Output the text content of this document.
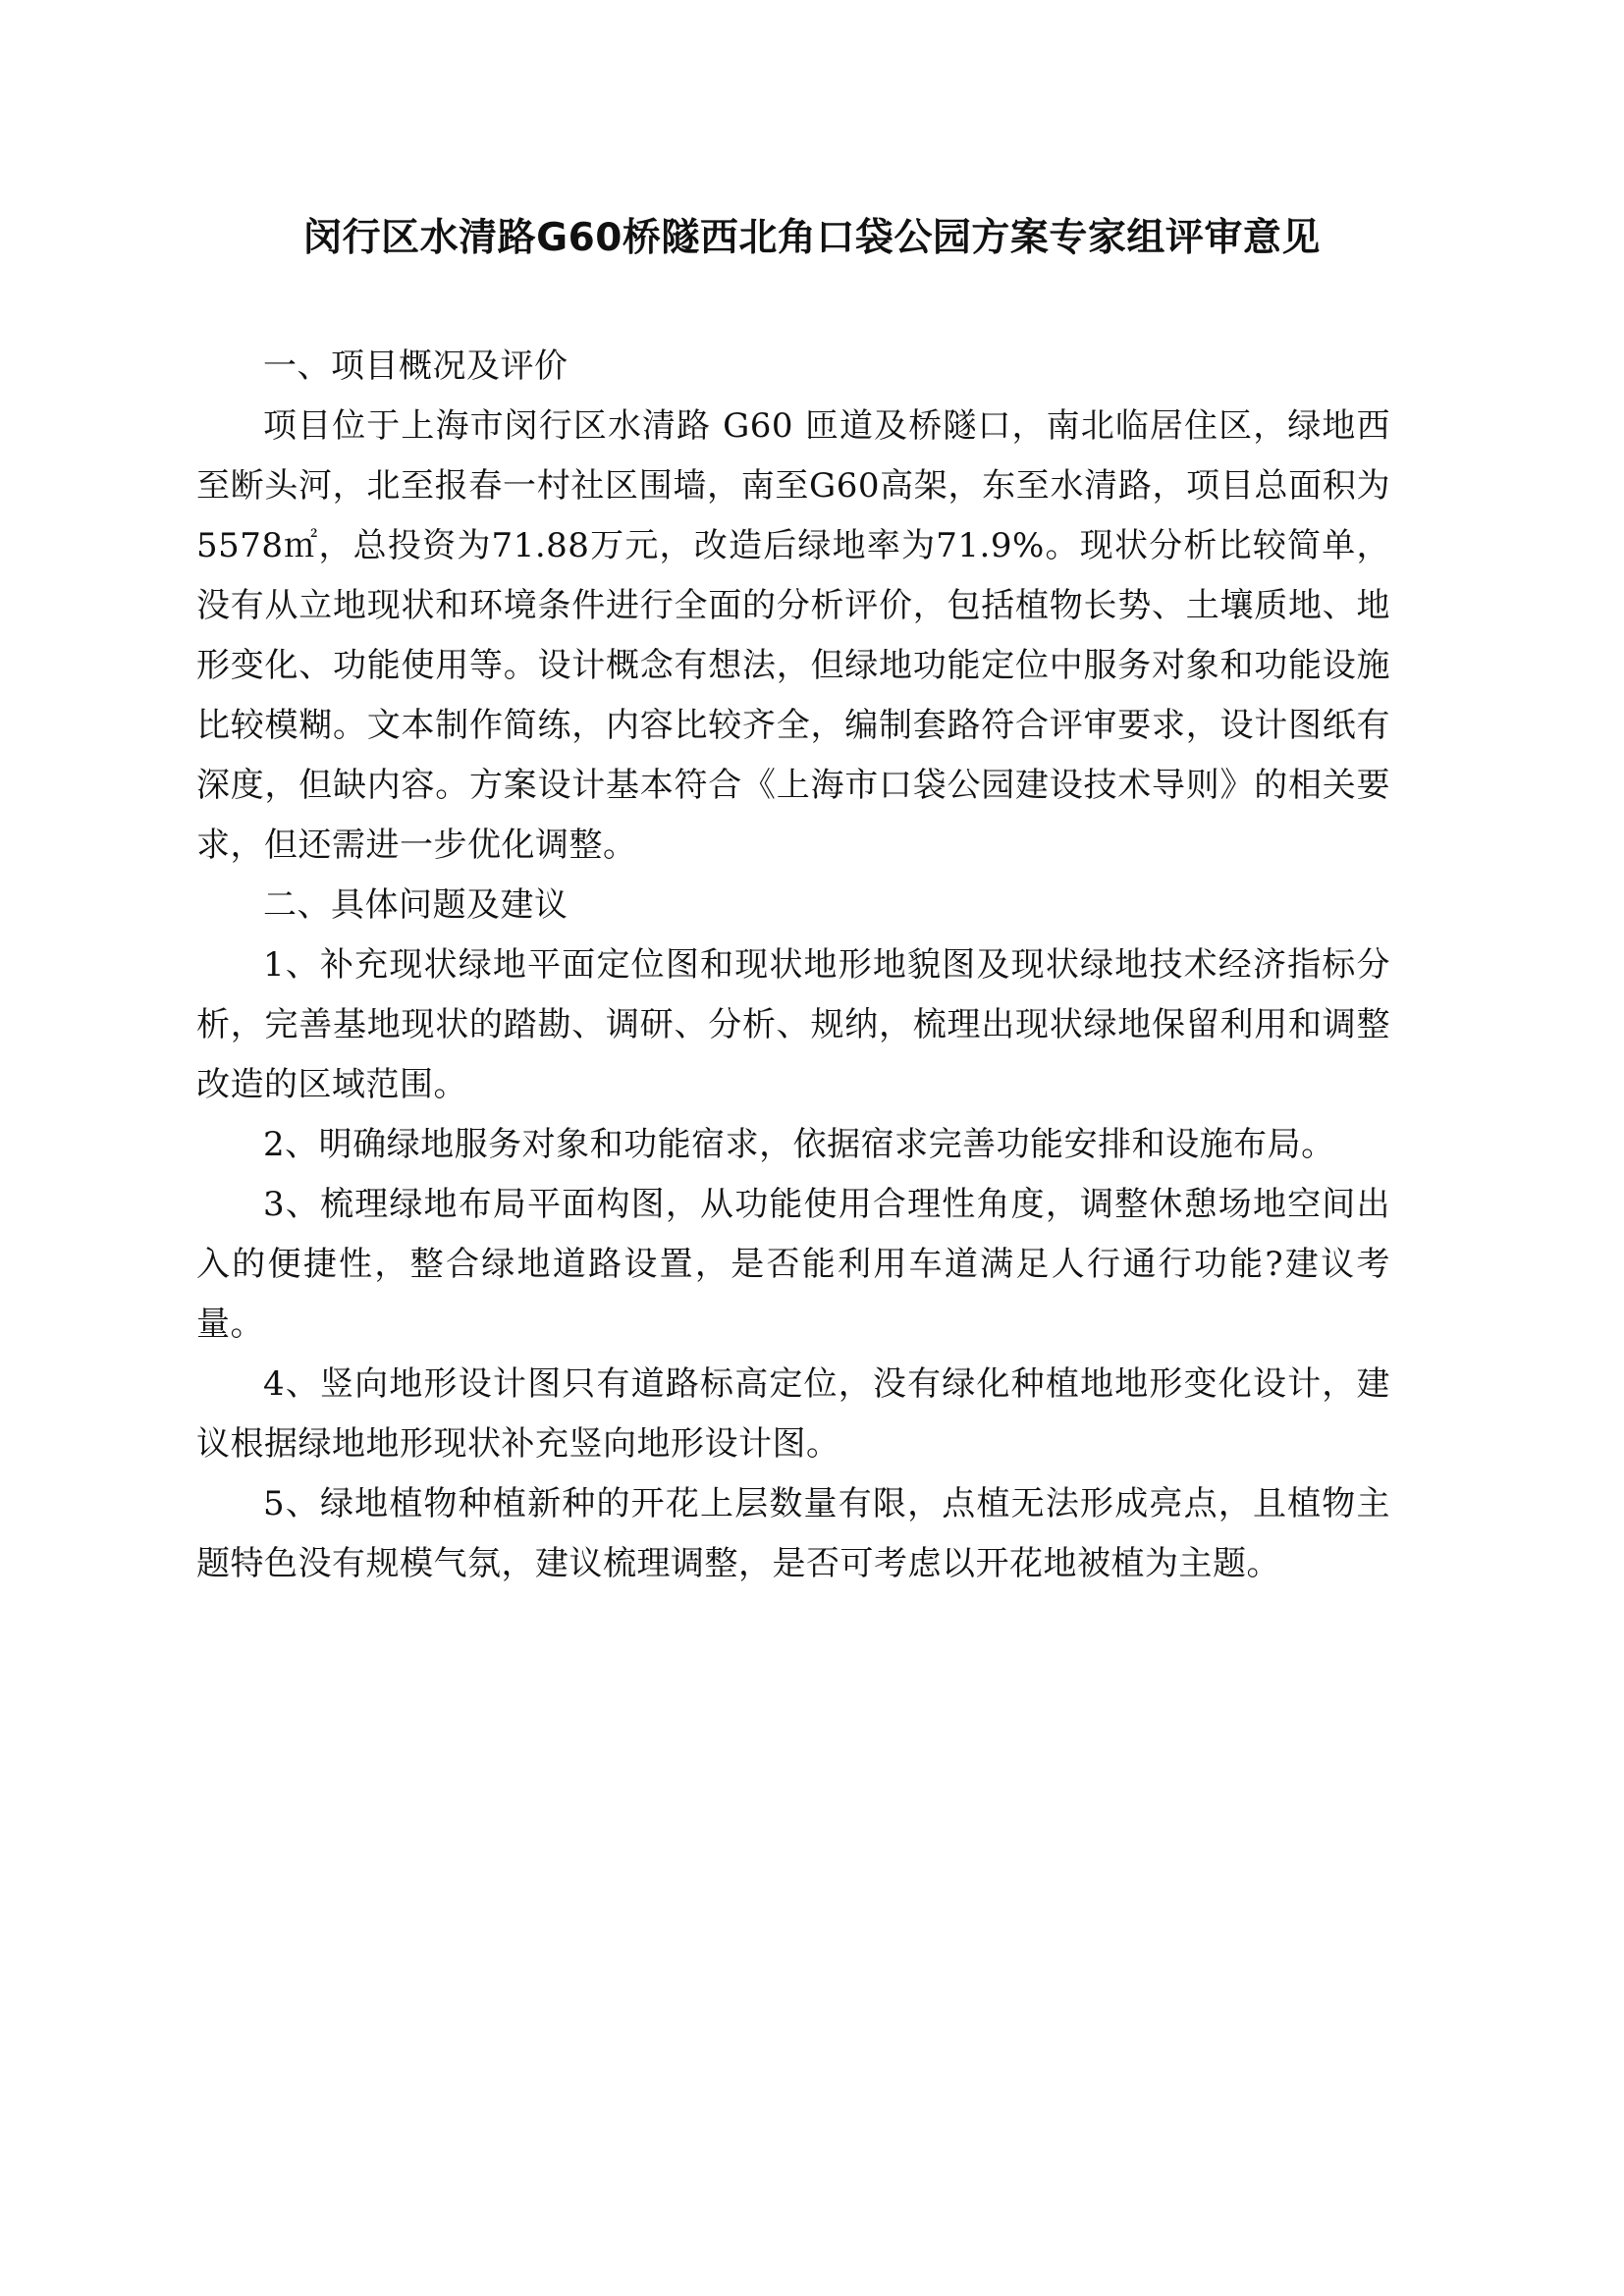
闵行区水清路G60桥隧西北角口袋公园方案专家组评审意见

一、项目概况及评价

项目位于上海市闵行区水清路 G60 匝道及桥隧口，南北临居住区，绿地西至断头河，北至报春一村社区围墙，南至G60高架，东至水清路，项目总面积为5578㎡，总投资为71.88万元，改造后绿地率为71.9%。现状分析比较简单，没有从立地现状和环境条件进行全面的分析评价，包括植物长势、土壤质地、地形变化、功能使用等。设计概念有想法，但绿地功能定位中服务对象和功能设施比较模糊。文本制作简练，内容比较齐全，编制套路符合评审要求，设计图纸有深度，但缺内容。方案设计基本符合《上海市口袋公园建设技术导则》的相关要求，但还需进一步优化调整。

二、具体问题及建议

1、补充现状绿地平面定位图和现状地形地貌图及现状绿地技术经济指标分析，完善基地现状的踏勘、调研、分析、规纳，梳理出现状绿地保留利用和调整改造的区域范围。

2、明确绿地服务对象和功能宿求，依据宿求完善功能安排和设施布局。

3、梳理绿地布局平面构图，从功能使用合理性角度，调整休憩场地空间出入的便捷性，整合绿地道路设置，是否能利用车道满足人行通行功能?建议考量。

4、竖向地形设计图只有道路标高定位，没有绿化种植地地形变化设计，建议根据绿地地形现状补充竖向地形设计图。

5、绿地植物种植新种的开花上层数量有限，点植无法形成亮点，且植物主题特色没有规模气氛，建议梳理调整，是否可考虑以开花地被植为主题。
